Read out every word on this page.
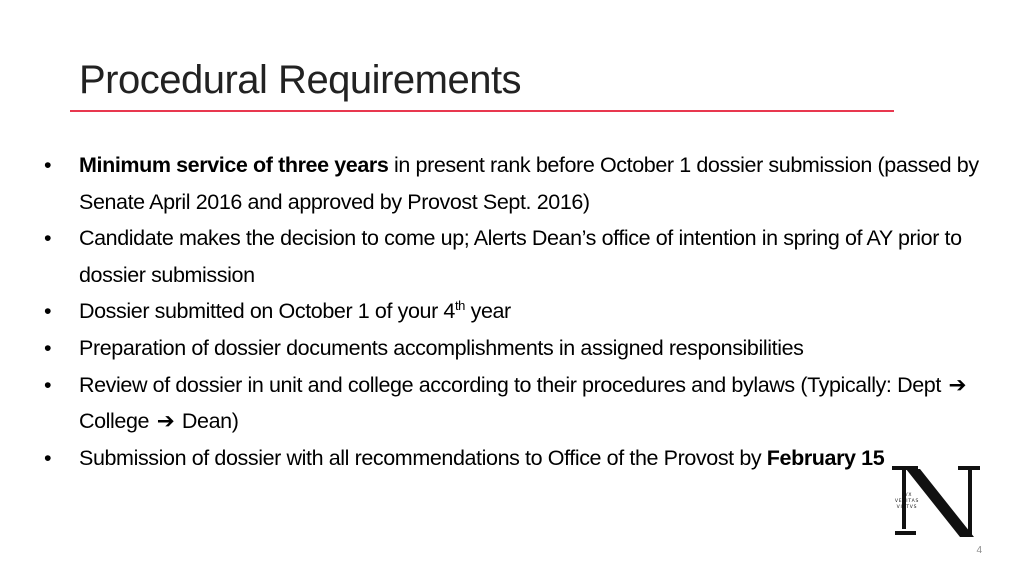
Procedural Requirements
•	Minimum service of three years in present rank before October 1 dossier submission (passed by Senate April 2016 and approved by Provost Sept. 2016)
•	Candidate makes the decision to come up; Alerts Dean’s office of intention in spring of AY prior to dossier submission
•	Dossier submitted on October 1 of your 4th year
•	Preparation of dossier documents accomplishments in assigned responsibilities
•	Review of dossier in unit and college according to their procedures and bylaws (Typically: Dept ➔ College ➔ Dean)
•	Submission of dossier with all recommendations to Office of the Provost by February 15
LVX
VERITAS
VIRTVS
4
